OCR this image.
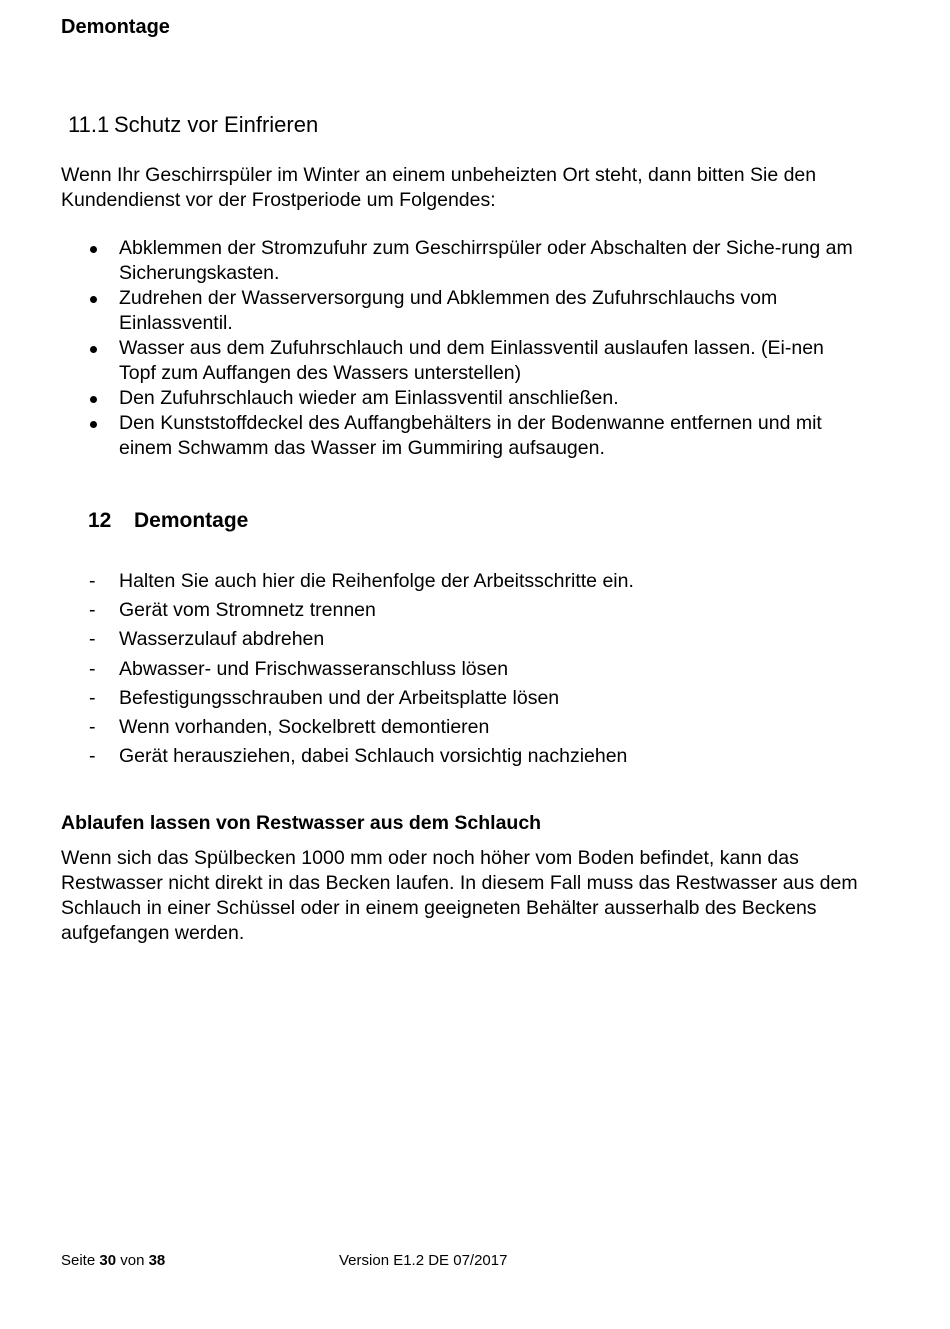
Demontage
11.1 Schutz vor Einfrieren
Wenn Ihr Geschirrspüler im Winter an einem unbeheizten Ort steht, dann bitten Sie den Kundendienst vor der Frostperiode um Folgendes:
Abklemmen der Stromzufuhr zum Geschirrspüler oder Abschalten der Siche-rung am Sicherungskasten.
Zudrehen der Wasserversorgung und Abklemmen des Zufuhrschlauchs vom Einlassventil.
Wasser aus dem Zufuhrschlauch und dem Einlassventil auslaufen lassen. (Ei-nen Topf zum Auffangen des Wassers unterstellen)
Den Zufuhrschlauch wieder am Einlassventil anschließen.
Den Kunststoffdeckel des Auffangbehälters in der Bodenwanne entfernen und mit einem Schwamm das Wasser im Gummiring aufsaugen.
12	Demontage
- Halten Sie auch hier die Reihenfolge der Arbeitsschritte ein.
- Gerät vom Stromnetz trennen
- Wasserzulauf abdrehen
- Abwasser- und Frischwasseranschluss lösen
- Befestigungsschrauben und der Arbeitsplatte lösen
- Wenn vorhanden, Sockelbrett demontieren
- Gerät herausziehen, dabei Schlauch vorsichtig nachziehen
Ablaufen lassen von Restwasser aus dem Schlauch
Wenn sich das Spülbecken 1000 mm oder noch höher vom Boden befindet, kann das Restwasser nicht direkt in das Becken laufen. In diesem Fall muss das Restwasser aus dem Schlauch in einer Schüssel oder in einem geeigneten Behälter ausserhalb des Beckens aufgefangen werden.
Seite 30 von 38	Version E1.2 DE 07/2017
